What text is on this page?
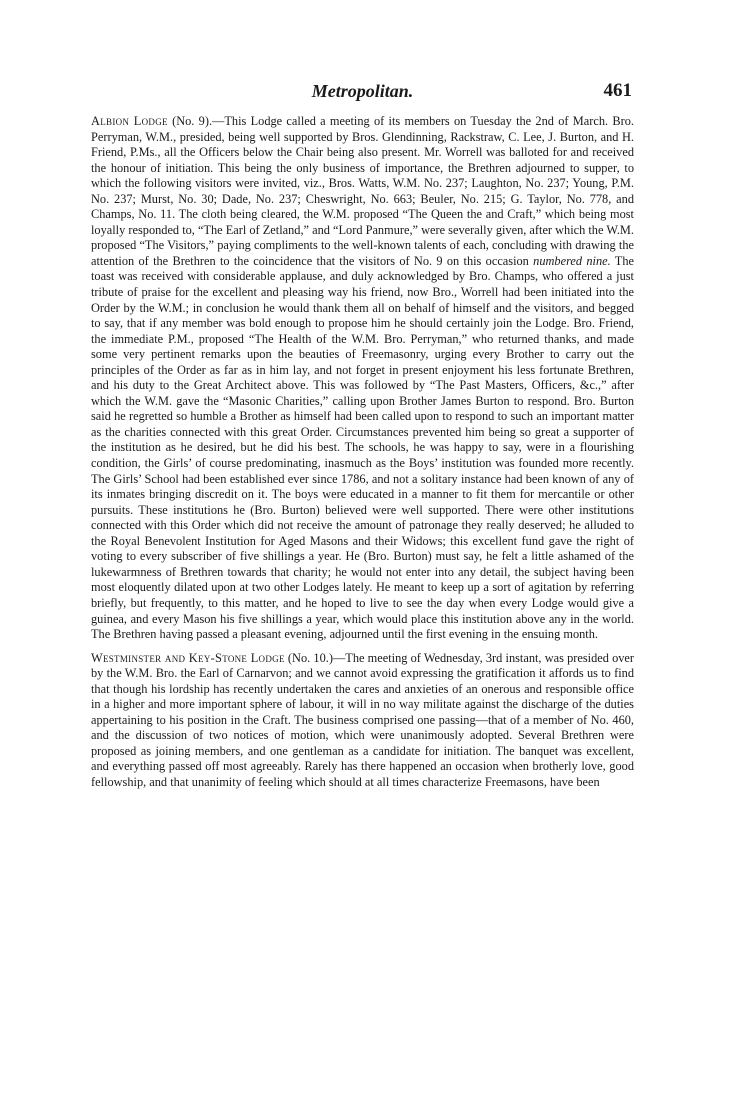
Metropolitan.	461

Albion Lodge (No. 9).—This Lodge called a meeting of its members on Tuesday the 2nd of March. Bro. Perryman, W.M., presided, being well supported by Bros. Glendinning, Rackstraw, C. Lee, J. Burton, and H. Friend, P.Ms., all the Officers below the Chair being also present. Mr. Worrell was balloted for and received the honour of initiation. This being the only business of importance, the Brethren adjourned to supper, to which the following visitors were invited, viz., Bros. Watts, W.M. No. 237; Laughton, No. 237; Young, P.M. No. 237; Murst, No. 30; Dade, No. 237; Cheswright, No. 663; Beuler, No. 215; G. Taylor, No. 778, and Champs, No. 11. The cloth being cleared, the W.M. proposed “The Queen the and Craft,” which being most loyally responded to, “The Earl of Zetland,” and “Lord Panmure,” were severally given, after which the W.M. proposed “The Visitors,” paying compliments to the well-known talents of each, concluding with drawing the attention of the Brethren to the coincidence that the visitors of No. 9 on this occasion numbered nine. The toast was received with considerable applause, and duly acknowledged by Bro. Champs, who offered a just tribute of praise for the excellent and pleasing way his friend, now Bro., Worrell had been initiated into the Order by the W.M.; in conclusion he would thank them all on behalf of himself and the visitors, and begged to say, that if any member was bold enough to propose him he should certainly join the Lodge. Bro. Friend, the immediate P.M., proposed “The Health of the W.M. Bro. Perryman,” who returned thanks, and made some very pertinent remarks upon the beauties of Freemasonry, urging every Brother to carry out the principles of the Order as far as in him lay, and not forget in present enjoyment his less fortunate Brethren, and his duty to the Great Architect above. This was followed by “The Past Masters, Officers, &c.,” after which the W.M. gave the “Masonic Charities,” calling upon Brother James Burton to respond. Bro. Burton said he regretted so humble a Brother as himself had been called upon to respond to such an important matter as the charities connected with this great Order. Circumstances prevented him being so great a supporter of the institution as he desired, but he did his best. The schools, he was happy to say, were in a flourishing condition, the Girls’ of course predominating, inasmuch as the Boys’ institution was founded more recently. The Girls’ School had been established ever since 1786, and not a solitary instance had been known of any of its inmates bringing discredit on it. The boys were educated in a manner to fit them for mercantile or other pursuits. These institutions he (Bro. Burton) believed were well supported. There were other institutions connected with this Order which did not receive the amount of patronage they really deserved; he alluded to the Royal Benevolent Institution for Aged Masons and their Widows; this excellent fund gave the right of voting to every subscriber of five shillings a year. He (Bro. Burton) must say, he felt a little ashamed of the lukewarmness of Brethren towards that charity; he would not enter into any detail, the subject having been most eloquently dilated upon at two other Lodges lately. He meant to keep up a sort of agitation by referring briefly, but frequently, to this matter, and he hoped to live to see the day when every Lodge would give a guinea, and every Mason his five shillings a year, which would place this institution above any in the world. The Brethren having passed a pleasant evening, adjourned until the first evening in the ensuing month.

Westminster and Key-Stone Lodge (No. 10.)—The meeting of Wednesday, 3rd instant, was presided over by the W.M. Bro. the Earl of Carnarvon; and we cannot avoid expressing the gratification it affords us to find that though his lordship has recently undertaken the cares and anxieties of an onerous and responsible office in a higher and more important sphere of labour, it will in no way militate against the discharge of the duties appertaining to his position in the Craft. The business comprised one passing—that of a member of No. 460, and the discussion of two notices of motion, which were unanimously adopted. Several Brethren were proposed as joining members, and one gentleman as a candidate for initiation. The banquet was excellent, and everything passed off most agreeably. Rarely has there happened an occasion when brotherly love, good fellowship, and that unanimity of feeling which should at all times characterize Freemasons, have been
